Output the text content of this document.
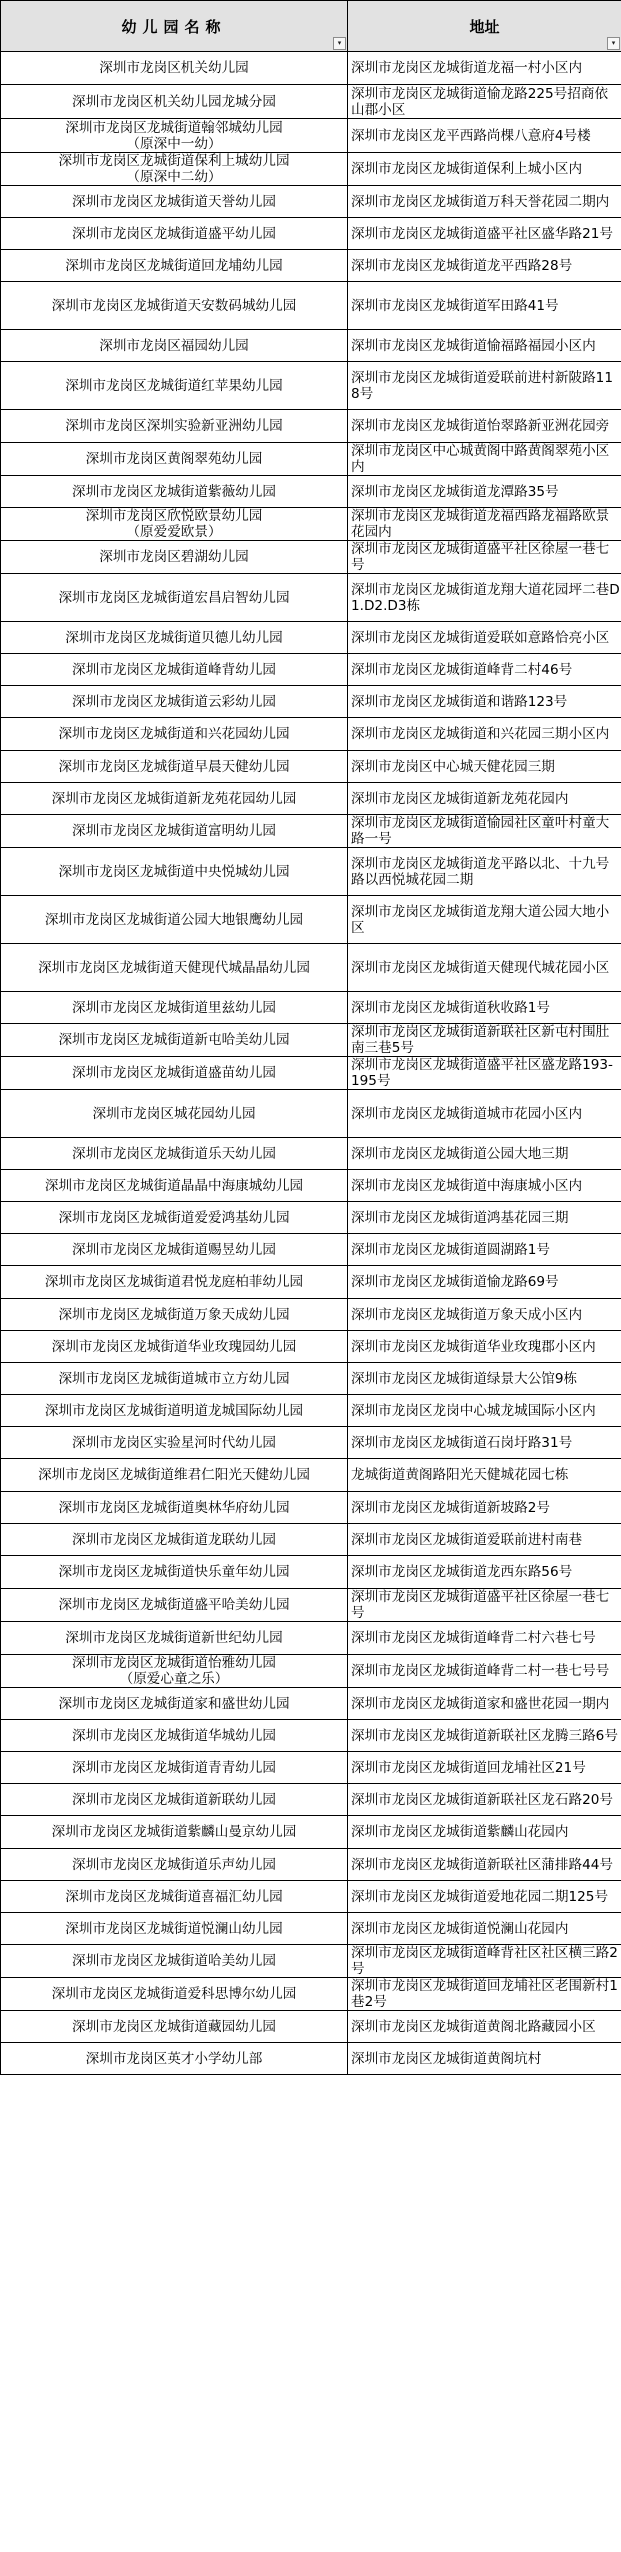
幼儿园名称
▾	地址
▾

深圳市龙岗区机关幼儿园	深圳市龙岗区龙城街道龙福一村小区内

深圳市龙岗区机关幼儿园龙城分园	深圳市龙岗区龙城街道愉龙路225号招商依山郡小区

深圳市龙岗区龙城街道翰邻城幼儿园
（原深中一幼）	深圳市龙岗区龙平西路尚棵八意府4号楼

深圳市龙岗区龙城街道保利上城幼儿园
（原深中二幼）	深圳市龙岗区龙城街道保利上城小区内

深圳市龙岗区龙城街道天誉幼儿园	深圳市龙岗区龙城街道万科天誉花园二期内

深圳市龙岗区龙城街道盛平幼儿园	深圳市龙岗区龙城街道盛平社区盛华路21号

深圳市龙岗区龙城街道回龙埔幼儿园	深圳市龙岗区龙城街道龙平西路28号

深圳市龙岗区龙城街道天安数码城幼儿园	深圳市龙岗区龙城街道军田路41号

深圳市龙岗区福园幼儿园	深圳市龙岗区龙城街道愉福路福园小区内

深圳市龙岗区龙城街道红苹果幼儿园	深圳市龙岗区龙城街道爱联前进村新陂路118号

深圳市龙岗区深圳实验新亚洲幼儿园	深圳市龙岗区龙城街道怡翠路新亚洲花园旁

深圳市龙岗区黄阁翠苑幼儿园	深圳市龙岗区中心城黄阁中路黄阁翠苑小区内

深圳市龙岗区龙城街道紫薇幼儿园	深圳市龙岗区龙城街道龙潭路35号

深圳市龙岗区欣悦欧景幼儿园
（原爱爱欧景）	深圳市龙岗区龙城街道龙福西路龙福路欧景花园内

深圳市龙岗区碧湖幼儿园	深圳市龙岗区龙城街道盛平社区徐屋一巷七号

深圳市龙岗区龙城街道宏昌启智幼儿园	深圳市龙岗区龙城街道龙翔大道花园坪二巷D1.D2.D3栋

深圳市龙岗区龙城街道贝德儿幼儿园	深圳市龙岗区龙城街道爱联如意路恰亮小区

深圳市龙岗区龙城街道峰背幼儿园	深圳市龙岗区龙城街道峰背二村46号

深圳市龙岗区龙城街道云彩幼儿园	深圳市龙岗区龙城街道和谐路123号

深圳市龙岗区龙城街道和兴花园幼儿园	深圳市龙岗区龙城街道和兴花园三期小区内

深圳市龙岗区龙城街道早晨天健幼儿园	深圳市龙岗区中心城天健花园三期

深圳市龙岗区龙城街道新龙苑花园幼儿园	深圳市龙岗区龙城街道新龙苑花园内

深圳市龙岗区龙城街道富明幼儿园	深圳市龙岗区龙城街道愉园社区童叶村童大路一号

深圳市龙岗区龙城街道中央悦城幼儿园	深圳市龙岗区龙城街道龙平路以北、十九号路以西悦城花园二期

深圳市龙岗区龙城街道公园大地银鹰幼儿园	深圳市龙岗区龙城街道龙翔大道公园大地小区

深圳市龙岗区龙城街道天健现代城晶晶幼儿园	深圳市龙岗区龙城街道天健现代城花园小区

深圳市龙岗区龙城街道里兹幼儿园	深圳市龙岗区龙城街道秋收路1号

深圳市龙岗区龙城街道新屯哈美幼儿园	深圳市龙岗区龙城街道新联社区新屯村围肚南三巷5号

深圳市龙岗区龙城街道盛苗幼儿园	深圳市龙岗区龙城街道盛平社区盛龙路193-195号

深圳市龙岗区城花园幼儿园	深圳市龙岗区龙城街道城市花园小区内

深圳市龙岗区龙城街道乐天幼儿园	深圳市龙岗区龙城街道公园大地三期

深圳市龙岗区龙城街道晶晶中海康城幼儿园	深圳市龙岗区龙城街道中海康城小区内

深圳市龙岗区龙城街道爱爱鸿基幼儿园	深圳市龙岗区龙城街道鸿基花园三期

深圳市龙岗区龙城街道赐昱幼儿园	深圳市龙岗区龙城街道圆湖路1号

深圳市龙岗区龙城街道君悦龙庭柏菲幼儿园	深圳市龙岗区龙城街道愉龙路69号

深圳市龙岗区龙城街道万象天成幼儿园	深圳市龙岗区龙城街道万象天成小区内

深圳市龙岗区龙城街道华业玫瑰园幼儿园	深圳市龙岗区龙城街道华业玫瑰郡小区内

深圳市龙岗区龙城街道城市立方幼儿园	深圳市龙岗区龙城街道绿景大公馆9栋

深圳市龙岗区龙城街道明道龙城国际幼儿园	深圳市龙岗区龙岗中心城龙城国际小区内

深圳市龙岗区实验星河时代幼儿园	深圳市龙岗区龙城街道石岗圩路31号

深圳市龙岗区龙城街道维君仁阳光天健幼儿园	龙城街道黄阁路阳光天健城花园七栋

深圳市龙岗区龙城街道奥林华府幼儿园	深圳市龙岗区龙城街道新坡路2号

深圳市龙岗区龙城街道龙联幼儿园	深圳市龙岗区龙城街道爱联前进村南巷

深圳市龙岗区龙城街道快乐童年幼儿园	深圳市龙岗区龙城街道龙西东路56号

深圳市龙岗区龙城街道盛平哈美幼儿园	深圳市龙岗区龙城街道盛平社区徐屋一巷七号

深圳市龙岗区龙城街道新世纪幼儿园	深圳市龙岗区龙城街道峰背二村六巷七号

深圳市龙岗区龙城街道怡雅幼儿园
（原爱心童之乐）	深圳市龙岗区龙城街道峰背二村一巷七号号

深圳市龙岗区龙城街道家和盛世幼儿园	深圳市龙岗区龙城街道家和盛世花园一期内

深圳市龙岗区龙城街道华城幼儿园	深圳市龙岗区龙城街道新联社区龙腾三路6号

深圳市龙岗区龙城街道青青幼儿园	深圳市龙岗区龙城街道回龙埔社区21号

深圳市龙岗区龙城街道新联幼儿园	深圳市龙岗区龙城街道新联社区龙石路20号

深圳市龙岗区龙城街道紫麟山曼京幼儿园	深圳市龙岗区龙城街道紫麟山花园内

深圳市龙岗区龙城街道乐声幼儿园	深圳市龙岗区龙城街道新联社区蒲排路44号

深圳市龙岗区龙城街道喜福汇幼儿园	深圳市龙岗区龙城街道爱地花园二期125号

深圳市龙岗区龙城街道悦澜山幼儿园	深圳市龙岗区龙城街道悦澜山花园内

深圳市龙岗区龙城街道哈美幼儿园	深圳市龙岗区龙城街道峰背社区社区横三路2号

深圳市龙岗区龙城街道爱科思博尔幼儿园	深圳市龙岗区龙城街道回龙埔社区老围新村1巷2号

深圳市龙岗区龙城街道藏园幼儿园	深圳市龙岗区龙城街道黄阁北路藏园小区

深圳市龙岗区英才小学幼儿部	深圳市龙岗区龙城街道黄阁坑村
